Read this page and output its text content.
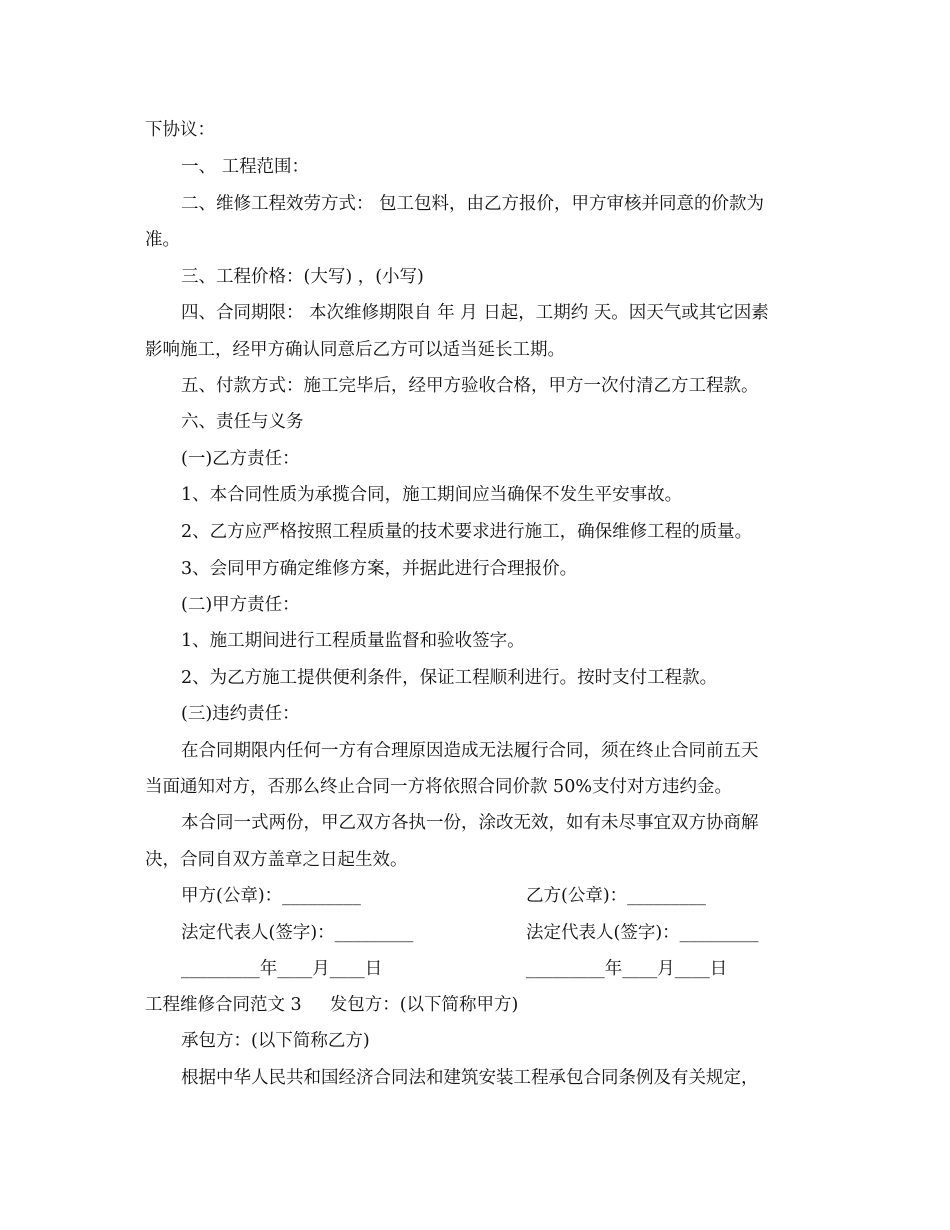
下协议：
一、 工程范围：
二、维修工程效劳方式： 包工包料，由乙方报价，甲方审核并同意的价款为
准。
三、工程价格：(大写) ，(小写)
四、合同期限： 本次维修期限自 年 月 日起，工期约 天。因天气或其它因素
影响施工，经甲方确认同意后乙方可以适当延长工期。
五、付款方式：施工完毕后，经甲方验收合格，甲方一次付清乙方工程款。
六、责任与义务
(一)乙方责任：
1、本合同性质为承揽合同，施工期间应当确保不发生平安事故。
2、乙方应严格按照工程质量的技术要求进行施工，确保维修工程的质量。
3、会同甲方确定维修方案，并据此进行合理报价。
(二)甲方责任：
1、施工期间进行工程质量监督和验收签字。
2、为乙方施工提供便利条件，保证工程顺利进行。按时支付工程款。
(三)违约责任：
在合同期限内任何一方有合理原因造成无法履行合同，须在终止合同前五天
当面通知对方，否那么终止合同一方将依照合同价款 50%支付对方违约金。
本合同一式两份，甲乙双方各执一份，涂改无效，如有未尽事宜双方协商解
决，合同自双方盖章之日起生效。
甲方(公章)：_________	乙方(公章)：_________
法定代表人(签字)：_________	法定代表人(签字)：_________
_________年____月____日	_________年____月____日
工程维修合同范文 3 发包方：(以下简称甲方)
承包方：(以下简称乙方)
根据中华人民共和国经济合同法和建筑安装工程承包合同条例及有关规定，
